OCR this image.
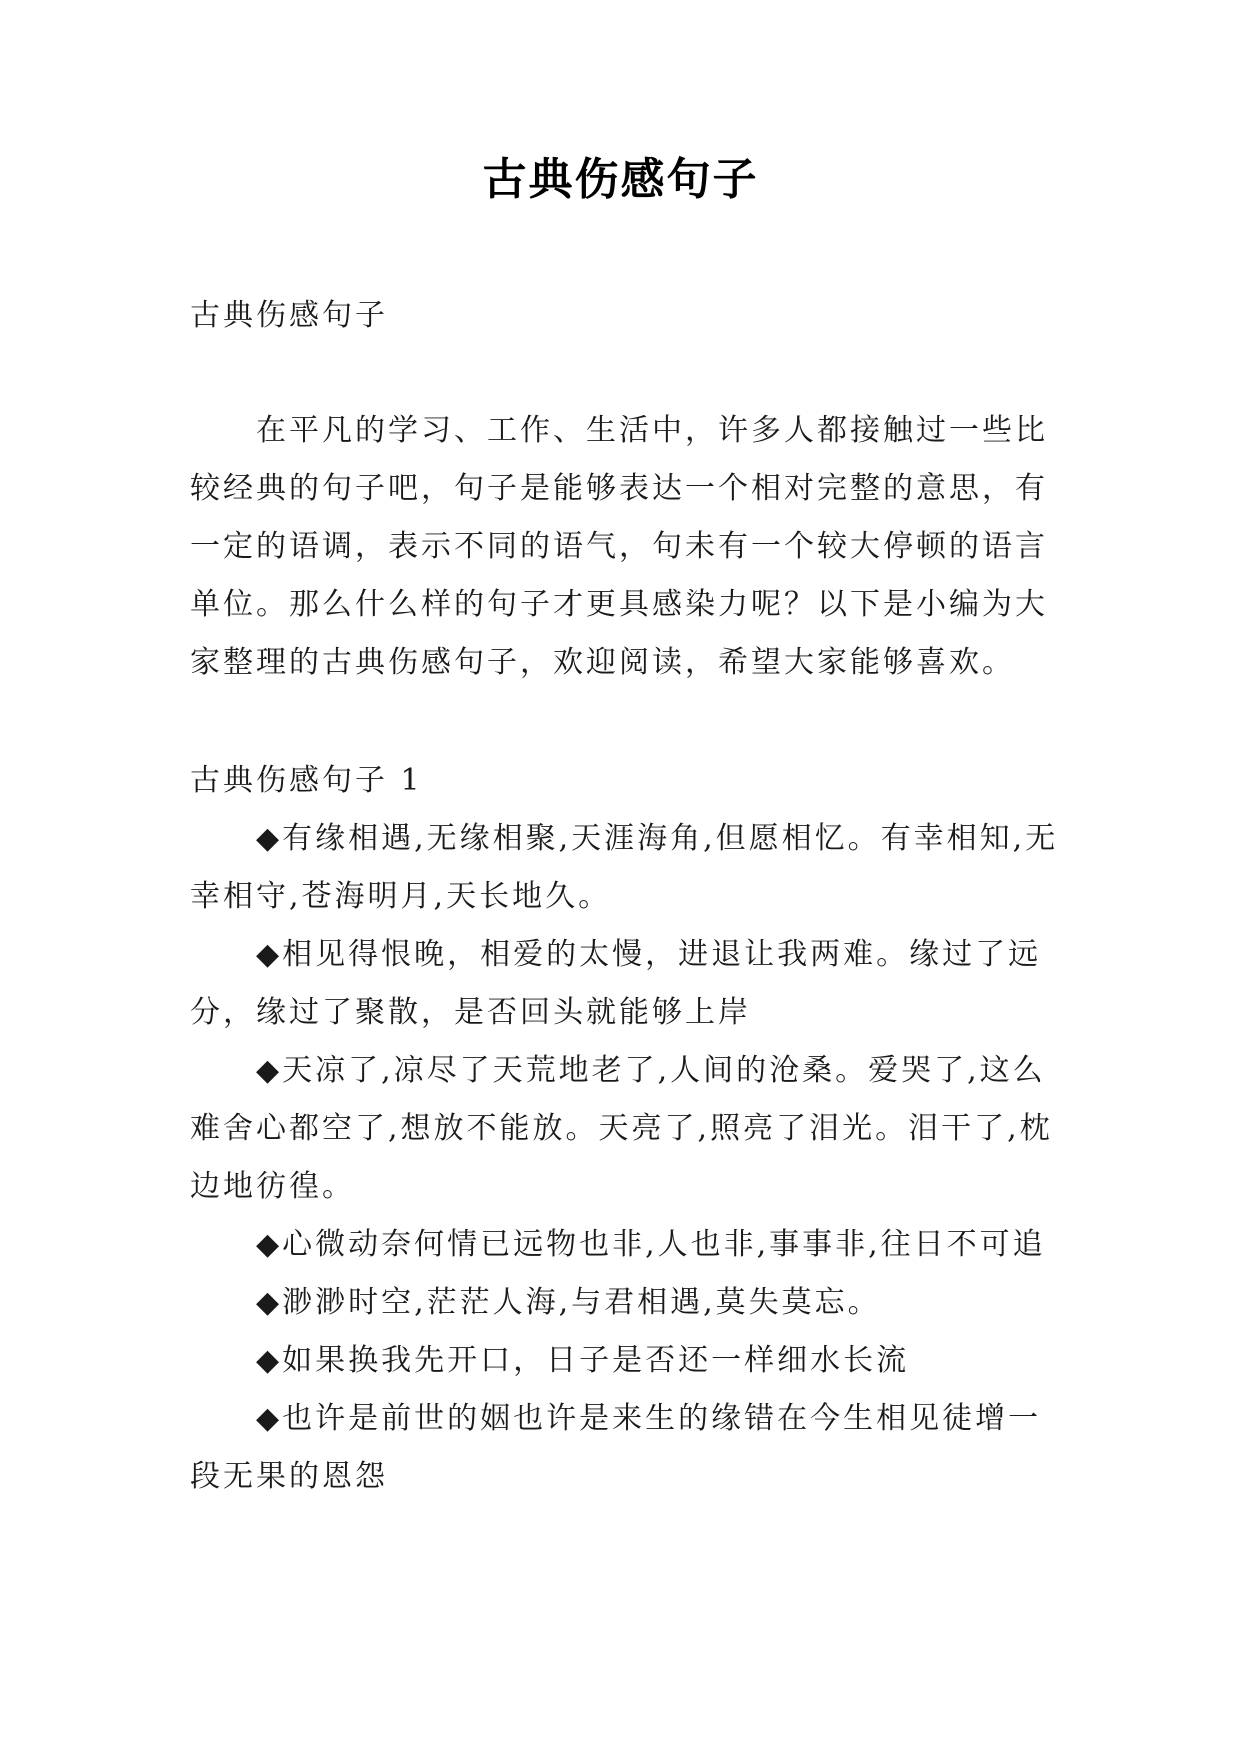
古典伤感句子
古典伤感句子
在平凡的学习、工作、生活中，许多人都接触过一些比较经典的句子吧，句子是能够表达一个相对完整的意思，有一定的语调，表示不同的语气，句未有一个较大停顿的语言单位。那么什么样的句子才更具感染力呢？以下是小编为大家整理的古典伤感句子，欢迎阅读，希望大家能够喜欢。
古典伤感句子 1

◆有缘相遇,无缘相聚,天涯海角,但愿相忆。有幸相知,无幸相守,苍海明月,天长地久。

◆相见得恨晚，相爱的太慢，进退让我两难。缘过了远分，缘过了聚散，是否回头就能够上岸

◆天凉了,凉尽了天荒地老了,人间的沧桑。爱哭了,这么难舍心都空了,想放不能放。天亮了,照亮了泪光。泪干了,枕边地彷徨。

◆心微动奈何情已远物也非,人也非,事事非,往日不可追

◆渺渺时空,茫茫人海,与君相遇,莫失莫忘。

◆如果换我先开口，日子是否还一样细水长流

◆也许是前世的姻也许是来生的缘错在今生相见徒增一段无果的恩怨
